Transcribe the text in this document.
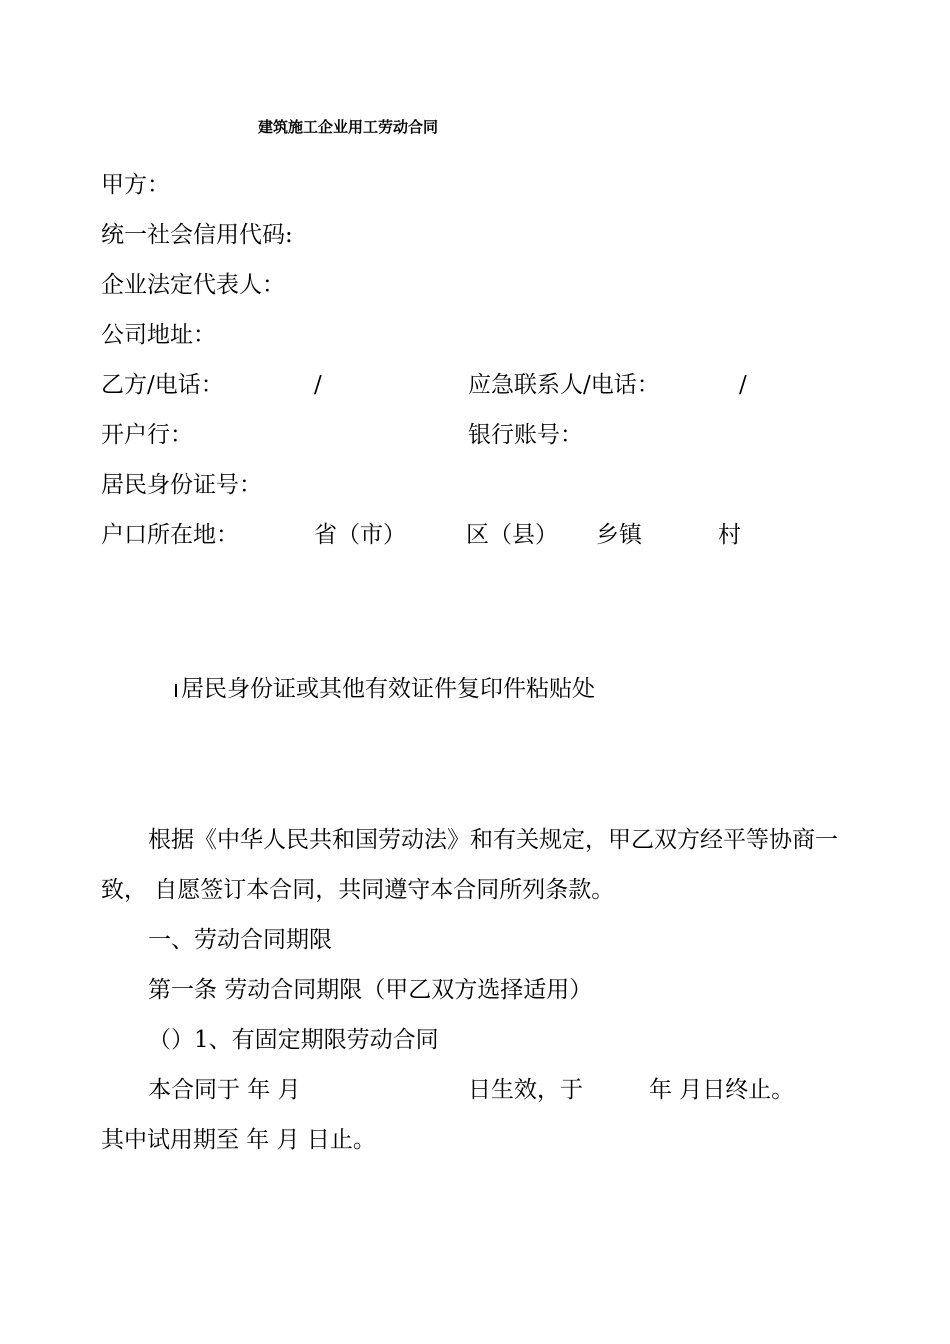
建筑施工企业用工劳动合同
甲方：
统一社会信用代码:
企业法定代表人：
公司地址：
乙方/电话：	/	应急联系人/电话：	/
开户行：	银行账号：
居民身份证号：
户口所在地：	省（市）	区（县） 乡镇	村
居民身份证或其他有效证件复印件粘贴处
根据《中华人民共和国劳动法》和有关规定，甲乙双方经平等协商一
致， 自愿签订本合同，共同遵守本合同所列条款。
一、劳动合同期限
第一条 劳动合同期限（甲乙双方选择适用）
（）1、有固定期限劳动合同
本合同于 年 月	日生效，于	年 月日终止。
其中试用期至 年 月 日止。
